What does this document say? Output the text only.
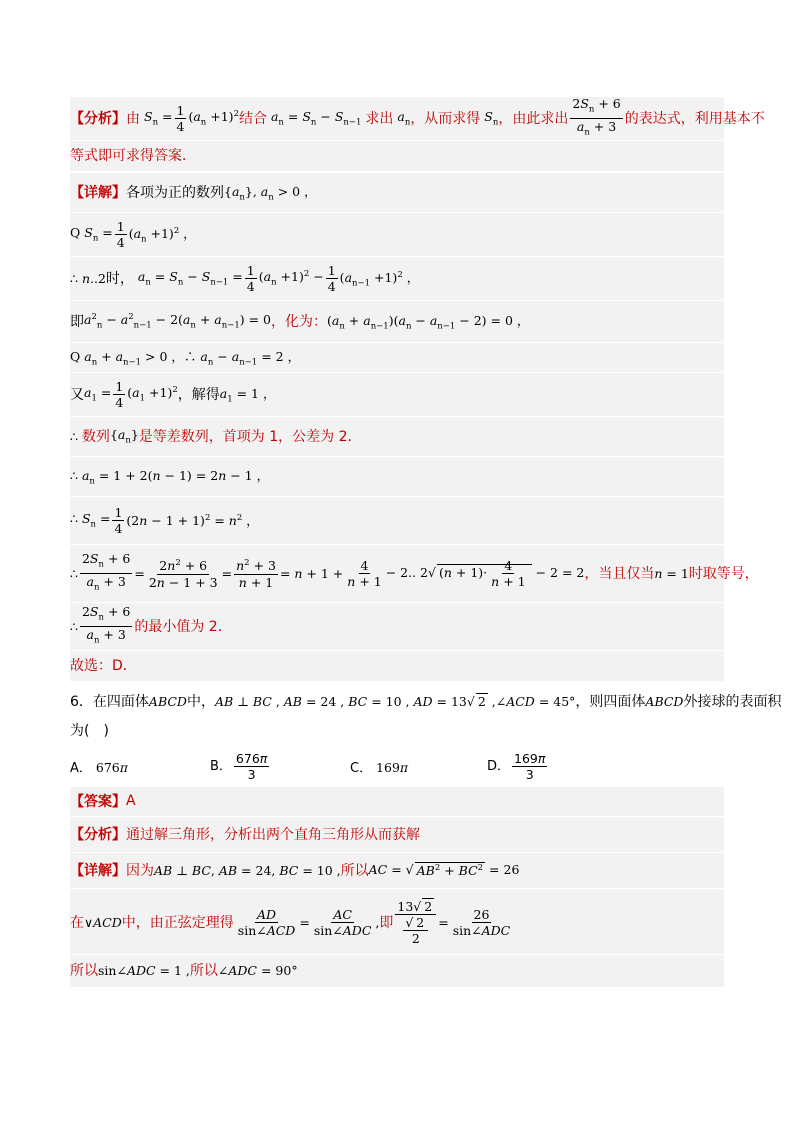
【分析】 由 $S_n = \frac{1}{4} (a_n +1)^2$ 结合 $a_n = S_n - S_{n-1}$ 求出 $a_n$ ，从而求得 $S_n$ ，由此求出 $\frac{2S_n + 6}{a_n + 3}$ 的表达式，利用基本不
等式即可求得答案．
【详解】 各项为正的数列 $\{a_n\}$, $a_n > 0$ ，
Q $S_n = \frac{1}{4} (a_n +1)^2$ ，
∴ n..2 时， $a_n = S_n - S_{n-1} = \frac{1}{4} (a_n +1)^2 - \frac{1}{4} (a_{n-1} +1)^2$ ，
即 $a^2_n - a^2_{n-1} - 2(a_n + a_{n-1}) = 0$ ，化为： $(a_n + a_{n-1})(a_n - a_{n-1} - 2) = 0$ ，
Q $a_n + a_{n-1} > 0$ ，∴ $a_n - a_{n-1} = 2$ ，
又 $a_1 = \frac{1}{4} (a_1 +1)^2$ ，解得 $a_1 = 1$ ，
∴ 数列 $\{a_n\}$ 是等差数列，首项为 1，公差为 2．
∴ $a_n = 1 + 2(n - 1) = 2n - 1$ ，
∴ $S_n = \frac{1}{4} (2n - 1 + 1)^2 = n^2$ ，
∴ $\frac{2S_n + 6}{a_n + 3} = \frac{2n^2 + 6}{2n - 1 + 3} = \frac{n^2 + 3}{n + 1} = n + 1 + \frac{4}{n + 1} - 2$.. 2√ $(n + 1)\cdot \frac{4}{n + 1} - 2 = 2$ ，当且仅当 n = 1 时取等号，
∴ $\frac{2S_n + 6}{a_n + 3}$ 的最小值为 2．
故选：D．
6．在四面体 ABCD 中， AB ⊥ BC , AB = 24 , BC = 10 , AD = 13√ 2 ,∠ACD = 45° ，则四面体 ABCD 外接球的表面积
为(　)
A． 676π	B． $\frac{676\pi}{3}$	C． 169π	D． $\frac{169\pi}{3}$
【答案】 A
【分析】 通过解三角形，分析出两个直角三角形从而获解
【详解】 因为 AB ⊥ BC, AB = 24, BC = 10 , 所以 AC = √ $AB^2 + BC^2 = 26$
在 ∨ACD 中，由正弦定理得 $\frac{AD}{\text{sin∠ACD}} = \frac{AC}{\text{sin∠ADC}}$ , 即 $\frac{13√ 2}{\frac{√ 2}{2}} = \frac{26}{\text{sin∠ADC}}$
所以 sin∠ADC = 1 , 所以 ∠ADC = 90°
